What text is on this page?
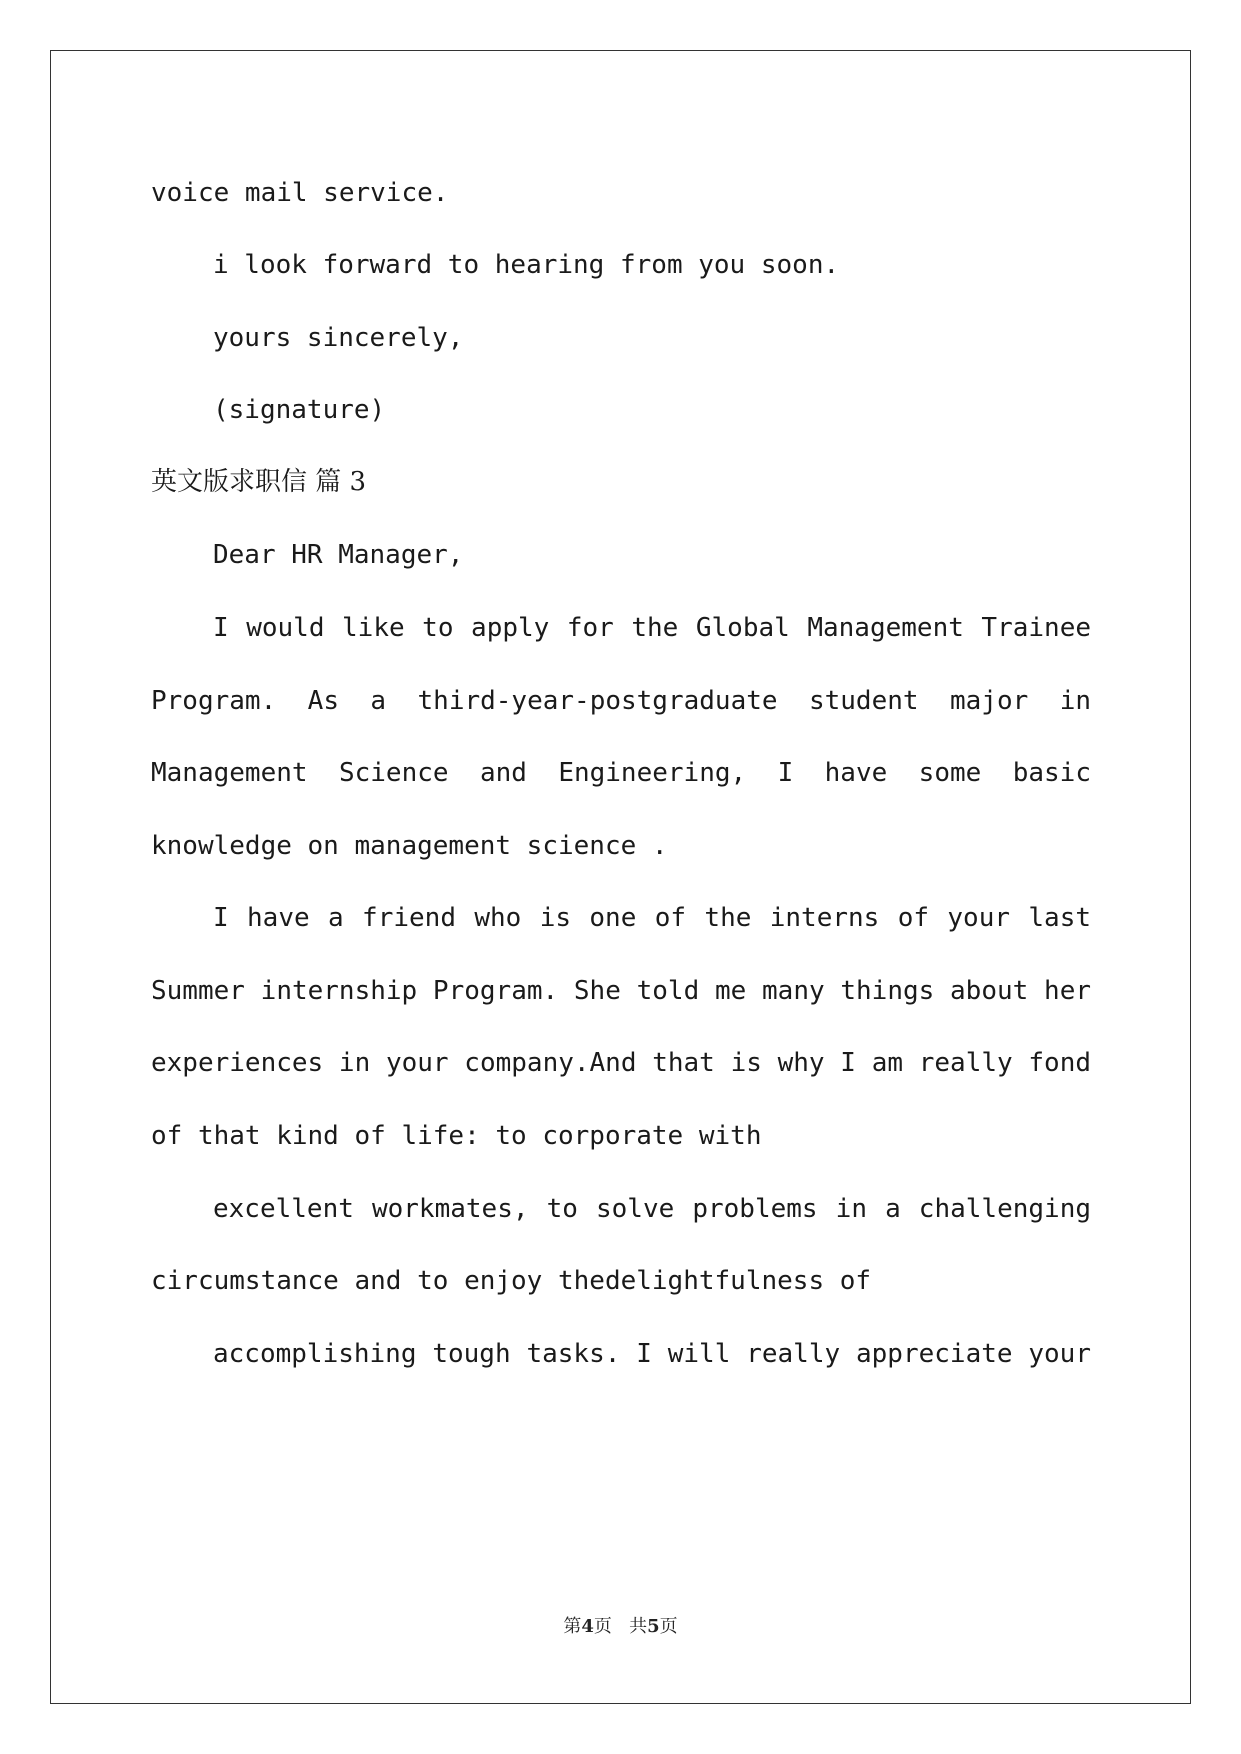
voice mail service.
i look forward to hearing from you soon.
yours sincerely,
(signature)
英文版求职信 篇 3
Dear HR Manager,
I would like to apply for the Global Management Trainee
Program. As a third-year-postgraduate student major in
Management Science and Engineering, I have some basic
knowledge on management science .
I have a friend who is one of the interns of your last
Summer internship Program. She told me many things about her
experiences in your company.And that is why I am really fond
of that kind of life: to corporate with
excellent workmates, to solve problems in a challenging
circumstance and to enjoy thedelightfulness of
accomplishing tough tasks. I will really appreciate your
第4页   共5页
